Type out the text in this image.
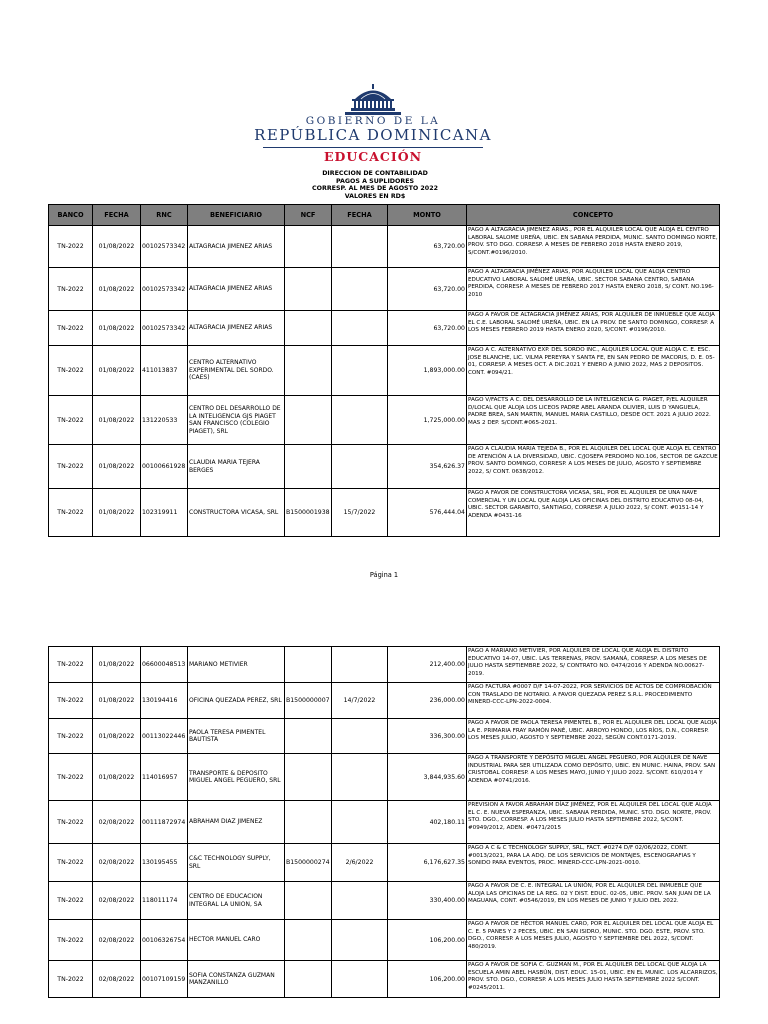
GOBIERNO DE LA
REPÚBLICA DOMINICANA
EDUCACIÓN
DIRECCION DE CONTABILIDAD
PAGOS A SUPLIDORES
CORRESP. AL MES DE AGOSTO 2022
VALORES EN RD$
BANCO	FECHA	RNC	BENEFICIARIO	NCF	FECHA	MONTO	CONCEPTO
TN-2022	01/08/2022	00102573342	ALTAGRACIA JIMENEZ ARIAS			63,720.00	PAGO A ALTAGRACIA JIMENEZ ARIAS., POR EL ALQUILER LOCAL QUE ALOJA EL CENTRO LABORAL SALOME UREÑA, UBIC. EN SABANA PERDIDA, MUNIC. SANTO DOMINGO NORTE, PROV. STO DGO. CORRESP. A MESES DE FEBRERO 2018 HASTA ENERO 2019, S/CONT.#0196/2010.
TN-2022	01/08/2022	00102573342	ALTAGRACIA JIMENEZ ARIAS			63,720.00	PAGO A ALTAGRACIA JIMÉNEZ ARIAS, POR ALQUILER LOCAL QUE ALOJA CENTRO EDUCATIVO LABORAL SALOMÉ UREÑA, UBIC. SECTOR SABANA CENTRO, SABANA PERDIDA, CORRESP. A MESES DE FEBRERO 2017 HASTA ENERO 2018, S/ CONT. NO.196-2010
TN-2022	01/08/2022	00102573342	ALTAGRACIA JIMENEZ ARIAS			63,720.00	PAGO A FAVOR DE ALTAGRACIA JIMÉNEZ ARIAS, POR ALQUILER DE INMUEBLE QUE ALOJA EL C.E. LABORAL SALOMÉ UREÑA, UBIC. EN LA PROV. DE SANTO DOMINGO, CORRESP. A LOS MESES FEBRERO 2019 HASTA ENERO 2020, S/CONT. #0196/2010.
TN-2022	01/08/2022	411013837	CENTRO ALTERNATIVO EXPERIMENTAL DEL SORDO.(CAES)			1,893,000.00	PAGO A C. ALTERNATIVO EXP. DEL SORDO INC., ALQUILER LOCAL QUE ALOJA C. E. ESC. JOSE BLANCHE, LIC. VILMA PEREYRA Y SANTA FE, EN SAN PEDRO DE MACORIS, D. E. 05-01, CORRESP. A MESES OCT. A DIC.2021 Y ENERO A JUNIO 2022, MAS 2 DEPOSITOS. CONT. #094/21.
TN-2022	01/08/2022	131220533	CENTRO DEL DESARROLLO DE LA INTELIGENCIA GJS PIAGET SAN FRANCISCO (COLEGIO PIAGET), SRL			1,725,000.00	PAGO V/FACTS A C. DEL DESARROLLO DE LA INTELIGENCIA G. PIAGET, P/EL ALQUILER D/LOCAL QUE ALOJA LOS LICEOS PADRE ABEL ARANDA OLIVIER, LUIS D YANGUELA, PADRE BREA, SAN MARTIN, MANUEL MARIA CASTILLO, DESDE OCT. 2021 A JULIO 2022. MAS 2 DEP. S/CONT.#065-2021.
TN-2022	01/08/2022	00100661928	CLAUDIA MARIA TEJERA BERGES			354,626.37	PAGO A CLAUDIA MARIA TEJEDA B., POR EL ALQUILER DEL LOCAL QUE ALOJA EL CENTRO DE ATENCIÓN A LA DIVERSIDAD, UBIC. C/JOSEFA PERDOMO NO.106, SECTOR DE GAZCUE PROV. SANTO DOMINGO, CORRESP. A LOS MESES DE JULIO, AGOSTO Y SEPTIEMBRE 2022, S/ CONT. 0638/2012.
TN-2022	01/08/2022	102319911	CONSTRUCTORA VICASA, SRL	B1500001938	15/7/2022	576,444.04	PAGO A FAVOR DE CONSTRUCTORA VICASA, SRL, POR EL ALQUILER DE UNA NAVE COMERCIAL Y UN LOCAL QUE ALOJA LAS OFICINAS DEL DISTRITO EDUCATIVO 08-04, UBIC. SECTOR GARABITO, SANTIAGO, CORRESP. A JULIO 2022, S/ CONT. #0151-14 Y ADENDA #0431-16
Página 1
TN-2022	01/08/2022	06600048513	MARIANO METIVIER			212,400.00	PAGO A MARIANO METIVIER, POR ALQUILER DE LOCAL QUE ALOJA EL DISTRITO EDUCATIVO 14-07, UBIC. LAS TERRENAS, PROV. SAMANÁ, CORRESP. A LOS MESES DE JULIO HASTA SEPTIEMBRE 2022, S/ CONTRATO NO. 0474/2016 Y ADENDA NO.00627-2019.
TN-2022	01/08/2022	130194416	OFICINA QUEZADA PEREZ, SRL	B1500000007	14/7/2022	236,000.00	PAGO FACTURA #0007 D/F 14-07-2022, POR SERVICIOS DE ACTOS DE COMPROBACIÓN CON TRASLADO DE NOTARIO. A FAVOR QUEZADA PEREZ S.R.L. PROCEDIMIENTO MINERD-CCC-LPN-2022-0004.
TN-2022	01/08/2022	00113022446	PAOLA TERESA PIMENTEL BAUTISTA			336,300.00	PAGO A FAVOR DE PAOLA TERESA PIMENTEL B., POR EL ALQUILER DEL LOCAL QUE ALOJA LA E. PRIMARIA FRAY RAMÓN PANÉ, UBIC. ARROYO HONDO, LOS RÍOS, D.N., CORRESP. LOS MESES JULIO, AGOSTO Y SEPTIEMBRE 2022, SEGÚN CONT.0171-2019.
TN-2022	01/08/2022	114016957	TRANSPORTE & DEPOSITO MIGUEL ANGEL PEGUERO, SRL			3,844,935.60	PAGO A TRANSPORTE Y DEPÓSITO MIGUEL ANGEL PEGUERO, POR ALQUILER DE NAVE INDUSTRIAL PARA SER UTILIZADA COMO DEPÓSITO, UBIC. EN MUNIC. HAINA, PROV. SAN CRISTOBAL CORRESP. A LOS MESES MAYO, JUNIO Y JULIO 2022. S/CONT. 610/2014 Y ADENDA #0741/2016.
TN-2022	02/08/2022	00111872974	ABRAHAM DIAZ JIMENEZ			402,180.11	PREVISION A FAVOR ABRAHAM DÍAZ JIMÉNEZ, POR EL ALQUILER DEL LOCAL QUE ALOJA EL C. E. NUEVA ESPERANZA, UBIC. SABANA PERDIDA, MUNIC. STO. DGO. NORTE, PROV. STO. DGO., CORRESP. A LOS MESES JULIO HASTA SEPTIEMBRE 2022, S/CONT. #0949/2012, ADEN. #0471/2015
TN-2022	02/08/2022	130195455	C&C TECHNOLOGY SUPPLY, SRL	B1500000274	2/6/2022	6,176,627.35	PAGO A C & C TECHNOLOGY SUPPLY, SRL, FACT. #0274 D/F 02/06/2022, CONT. #0013/2021, PARA LA ADQ. DE LOS SERVICIOS DE MONTAJES, ESCENOGRAFIAS Y SONIDO PARA EVENTOS, PROC. MINERD-CCC-LPN-2021-0010.
TN-2022	02/08/2022	118011174	CENTRO DE EDUCACION INTEGRAL LA UNION, SA			330,400.00	PAGO A FAVOR DE C. E. INTEGRAL LA UNIÓN, POR EL ALQUILER DEL INMUEBLE QUE ALOJA LAS OFICINAS DE LA REG. 02 Y DIST. EDUC. 02-05, UBIC. PROV. SAN JUAN DE LA MAGUANA, CONT. #0546/2019, EN LOS MESES DE JUNIO Y JULIO DEL 2022.
TN-2022	02/08/2022	00106326754	HECTOR MANUEL CARO			106,200.00	PAGO A FAVOR DE HÉCTOR MANUEL CARO, POR EL ALQUILER DEL LOCAL QUE ALOJA EL C. E. 5 PANES Y 2 PECES, UBIC. EN SAN ISIDRO, MUNIC. STO. DGO. ESTE, PROV. STO. DGO., CORRESP. A LOS MESES JULIO, AGOSTO Y SEPTIEMBRE DEL 2022, S/CONT. 480/2019.
TN-2022	02/08/2022	00107109159	SOFIA CONSTANZA GUZMAN MANZANILLO			106,200.00	PAGO A FAVOR DE SOFIA C. GUZMAN M., POR EL ALQUILER DEL LOCAL QUE ALOJA LA ESCUELA AMIN ABEL HASBÚN, DIST. EDUC. 15-01, UBIC. EN EL MUNIC. LOS ALCARRIZOS, PROV. STO. DGO., CORRESP. A LOS MESES JULIO HASTA SEPTIEMBRE 2022 S/CONT. #0245/2011.
